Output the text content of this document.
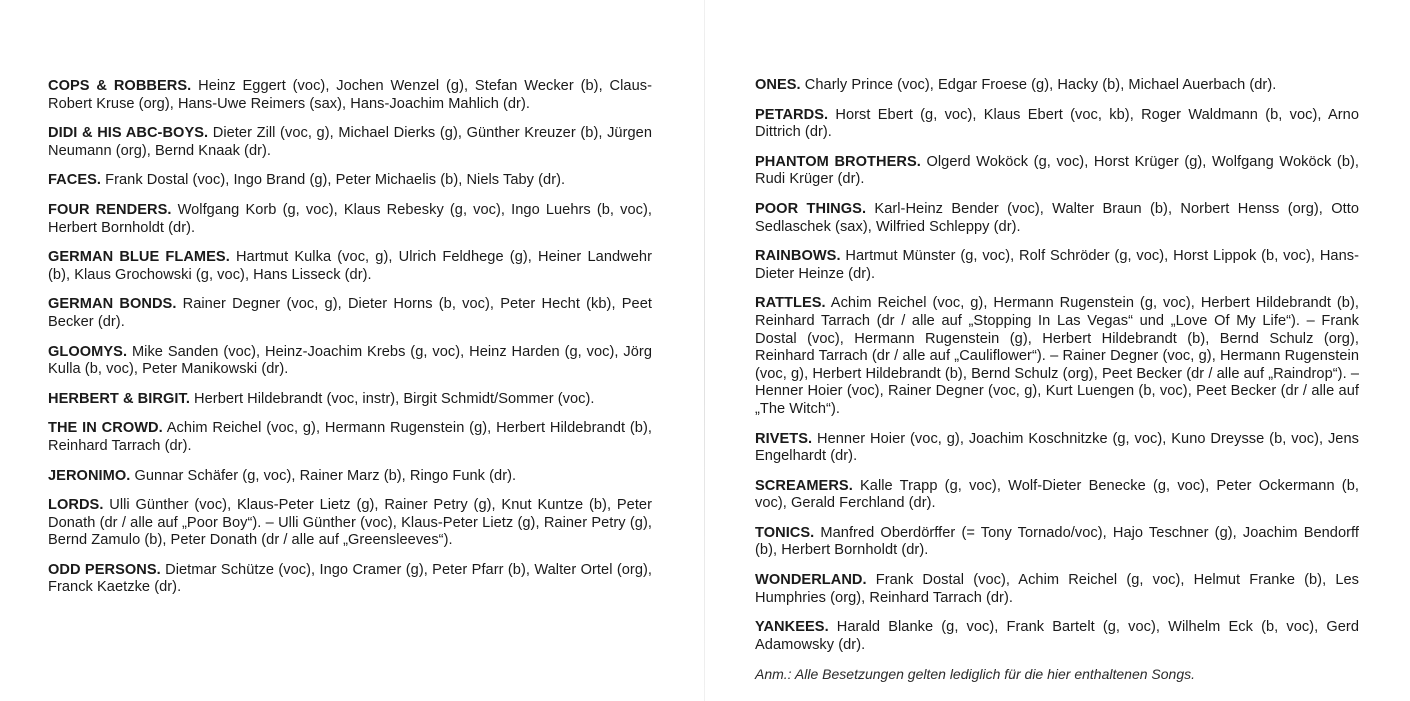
COPS & ROBBERS. Heinz Eggert (voc), Jochen Wenzel (g), Stefan Wecker (b), Claus-Robert Kruse (org), Hans-Uwe Reimers (sax), Hans-Joachim Mahlich (dr).

DIDI & HIS ABC-BOYS. Dieter Zill (voc, g), Michael Dierks (g), Günther Kreuzer (b), Jürgen Neumann (org), Bernd Knaak (dr).

FACES. Frank Dostal (voc), Ingo Brand (g), Peter Michaelis (b), Niels Taby (dr).

FOUR RENDERS. Wolfgang Korb (g, voc), Klaus Rebesky (g, voc), Ingo Luehrs (b, voc), Herbert Bornholdt (dr).

GERMAN BLUE FLAMES. Hartmut Kulka (voc, g), Ulrich Feldhege (g), Heiner Landwehr (b), Klaus Grochowski (g, voc), Hans Lisseck (dr).

GERMAN BONDS. Rainer Degner (voc, g), Dieter Horns (b, voc), Peter Hecht (kb), Peet Becker (dr).

GLOOMYS. Mike Sanden (voc), Heinz-Joachim Krebs (g, voc), Heinz Harden (g, voc), Jörg Kulla (b, voc), Peter Manikowski (dr).

HERBERT & BIRGIT. Herbert Hildebrandt (voc, instr), Birgit Schmidt/Sommer (voc).

THE IN CROWD. Achim Reichel (voc, g), Hermann Rugenstein (g), Herbert Hildebrandt (b), Reinhard Tarrach (dr).

JERONIMO. Gunnar Schäfer (g, voc), Rainer Marz (b), Ringo Funk (dr).

LORDS. Ulli Günther (voc), Klaus-Peter Lietz (g), Rainer Petry (g), Knut Kuntze (b), Peter Donath (dr / alle auf „Poor Boy“). – Ulli Günther (voc), Klaus-Peter Lietz (g), Rainer Petry (g), Bernd Zamulo (b), Peter Donath (dr / alle auf „Greensleeves“).

ODD PERSONS. Dietmar Schütze (voc), Ingo Cramer (g), Peter Pfarr (b), Walter Ortel (org), Franck Kaetzke (dr).

ONES. Charly Prince (voc), Edgar Froese (g), Hacky (b), Michael Auerbach (dr).

PETARDS. Horst Ebert (g, voc), Klaus Ebert (voc, kb), Roger Waldmann (b, voc), Arno Dittrich (dr).

PHANTOM BROTHERS. Olgerd Woköck (g, voc), Horst Krüger (g), Wolfgang Woköck (b), Rudi Krüger (dr).

POOR THINGS. Karl-Heinz Bender (voc), Walter Braun (b), Norbert Henss (org), Otto Sedlaschek (sax), Wilfried Schleppy (dr).

RAINBOWS. Hartmut Münster (g, voc), Rolf Schröder (g, voc), Horst Lippok (b, voc), Hans-Dieter Heinze (dr).

RATTLES. Achim Reichel (voc, g), Hermann Rugenstein (g, voc), Herbert Hildebrandt (b), Reinhard Tarrach (dr / alle auf „Stopping In Las Vegas“ und „Love Of My Life“). – Frank Dostal (voc), Hermann Rugenstein (g), Herbert Hildebrandt (b), Bernd Schulz (org), Reinhard Tarrach (dr / alle auf „Cauliflower“). – Rainer Degner (voc, g), Hermann Rugenstein (voc, g), Herbert Hildebrandt (b), Bernd Schulz (org), Peet Becker (dr / alle auf „Raindrop“). – Henner Hoier (voc), Rainer Degner (voc, g), Kurt Luengen (b, voc), Peet Becker (dr / alle auf „The Witch“).

RIVETS. Henner Hoier (voc, g), Joachim Koschnitzke (g, voc), Kuno Dreysse (b, voc), Jens Engelhardt (dr).

SCREAMERS. Kalle Trapp (g, voc), Wolf-Dieter Benecke (g, voc), Peter Ockermann (b, voc), Gerald Ferchland (dr).

TONICS. Manfred Oberdörffer (= Tony Tornado/voc), Hajo Teschner (g), Joachim Bendorff (b), Herbert Bornholdt (dr).

WONDERLAND. Frank Dostal (voc), Achim Reichel (g, voc), Helmut Franke (b), Les Humphries (org), Reinhard Tarrach (dr).

YANKEES. Harald Blanke (g, voc), Frank Bartelt (g, voc), Wilhelm Eck (b, voc), Gerd Adamowsky (dr).

Anm.: Alle Besetzungen gelten lediglich für die hier enthaltenen Songs.
